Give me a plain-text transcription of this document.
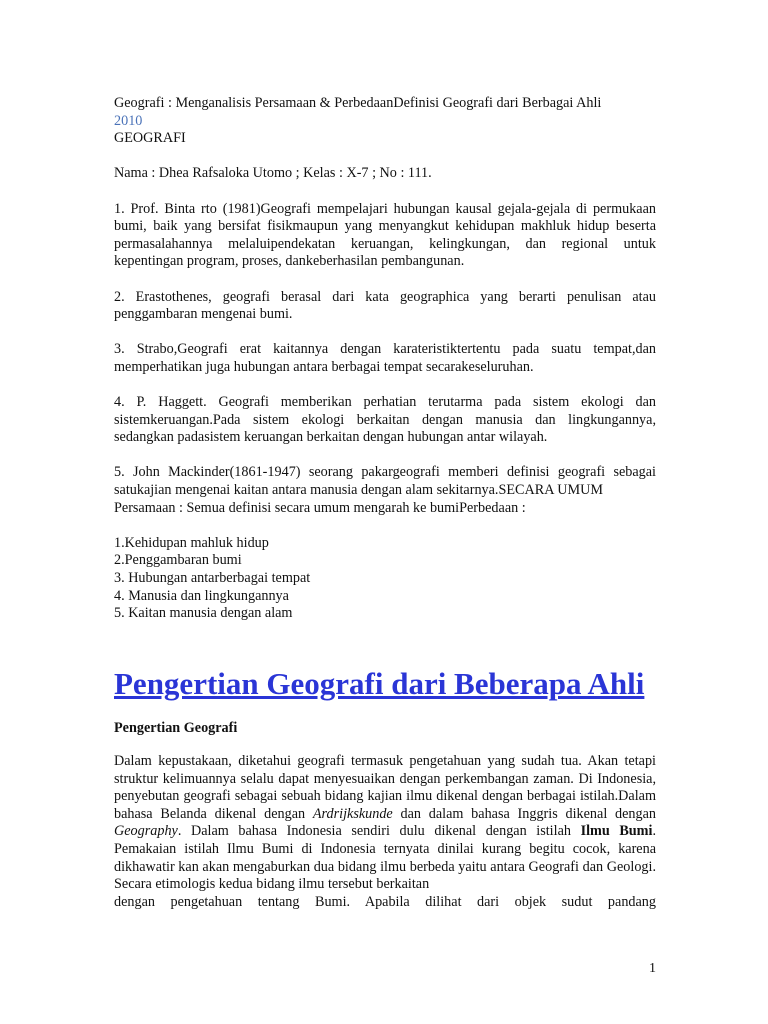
Geografi : Menganalisis Persamaan & PerbedaanDefinisi Geografi dari Berbagai Ahli

2010

GEOGRAFI

Nama : Dhea Rafsaloka Utomo ; Kelas : X-7 ; No : 111.

1. Prof. Binta rto (1981)Geografi mempelajari hubungan kausal gejala-gejala di permukaan bumi, baik yang bersifat fisikmaupun yang menyangkut kehidupan makhluk hidup beserta permasalahannya melaluipendekatan keruangan, kelingkungan, dan regional untuk kepentingan program, proses, dankeberhasilan pembangunan.

2. Erastothenes, geografi berasal dari kata geographica yang berarti penulisan atau penggambaran mengenai bumi.

3. Strabo,Geografi erat kaitannya dengan karateristiktertentu pada suatu tempat,dan memperhatikan juga hubungan antara berbagai tempat secarakeseluruhan.

4. P. Haggett. Geografi memberikan perhatian terutarma pada sistem ekologi dan sistemkeruangan.Pada sistem ekologi berkaitan dengan manusia dan lingkungannya, sedangkan padasistem keruangan berkaitan dengan hubungan antar wilayah.

5. John Mackinder(1861-1947) seorang pakargeografi memberi definisi geografi sebagai satukajian mengenai kaitan antara manusia dengan alam sekitarnya.SECARA UMUM

Persamaan : Semua definisi secara umum mengarah ke bumiPerbedaan :

1.Kehidupan mahluk hidup
2.Penggambaran bumi
3. Hubungan antarberbagai tempat
4. Manusia dan lingkungannya
5. Kaitan manusia dengan alam
Pengertian Geografi dari Beberapa Ahli

Pengertian Geografi

Dalam kepustakaan, diketahui geografi termasuk pengetahuan yang sudah tua. Akan tetapi struktur kelimuannya selalu dapat menyesuaikan dengan perkembangan zaman. Di Indonesia, penyebutan geografi sebagai sebuah bidang kajian ilmu dikenal dengan berbagai istilah.Dalam bahasa Belanda dikenal dengan Ardrijkskunde dan dalam bahasa Inggris dikenal dengan Geography. Dalam bahasa Indonesia sendiri dulu dikenal dengan istilah Ilmu Bumi. Pemakaian istilah Ilmu Bumi di Indonesia ternyata dinilai kurang begitu cocok, karena dikhawatir kan akan mengaburkan dua bidang ilmu berbeda yaitu antara Geografi dan Geologi. Secara etimologis kedua bidang ilmu tersebut berkaitan

dengan pengetahuan tentang Bumi. Apabila dilihat dari objek sudut pandang

1
